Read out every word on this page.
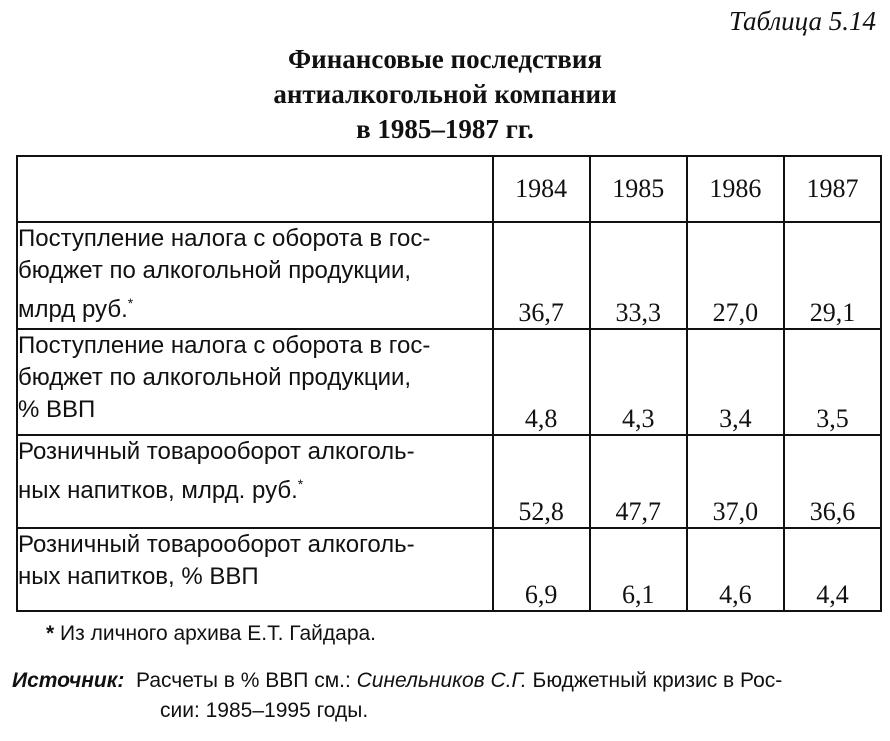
Таблица 5.14
Финансовые последствия
антиалкогольной компании
в 1985–1987 гг.
	1984	1985	1986	1987

Поступление налога с оборота в гос-
бюджет по алкогольной продукции,
млрд руб.*	36,7	33,3	27,0	29,1

Поступление налога с оборота в гос-
бюджет по алкогольной продукции,
% ВВП	4,8	4,3	3,4	3,5

Розничный товарооборот алкоголь-
ных напитков, млрд. руб.*	52,8	47,7	37,0	36,6

Розничный товарооборот алкоголь-
ных напитков, % ВВП	6,9	6,1	4,6	4,4
* Из личного архива Е.Т. Гайдара.
Источник:  Расчеты в % ВВП см.: Синельников С.Г. Бюджетный кризис в Рос-
сии: 1985–1995 годы.
